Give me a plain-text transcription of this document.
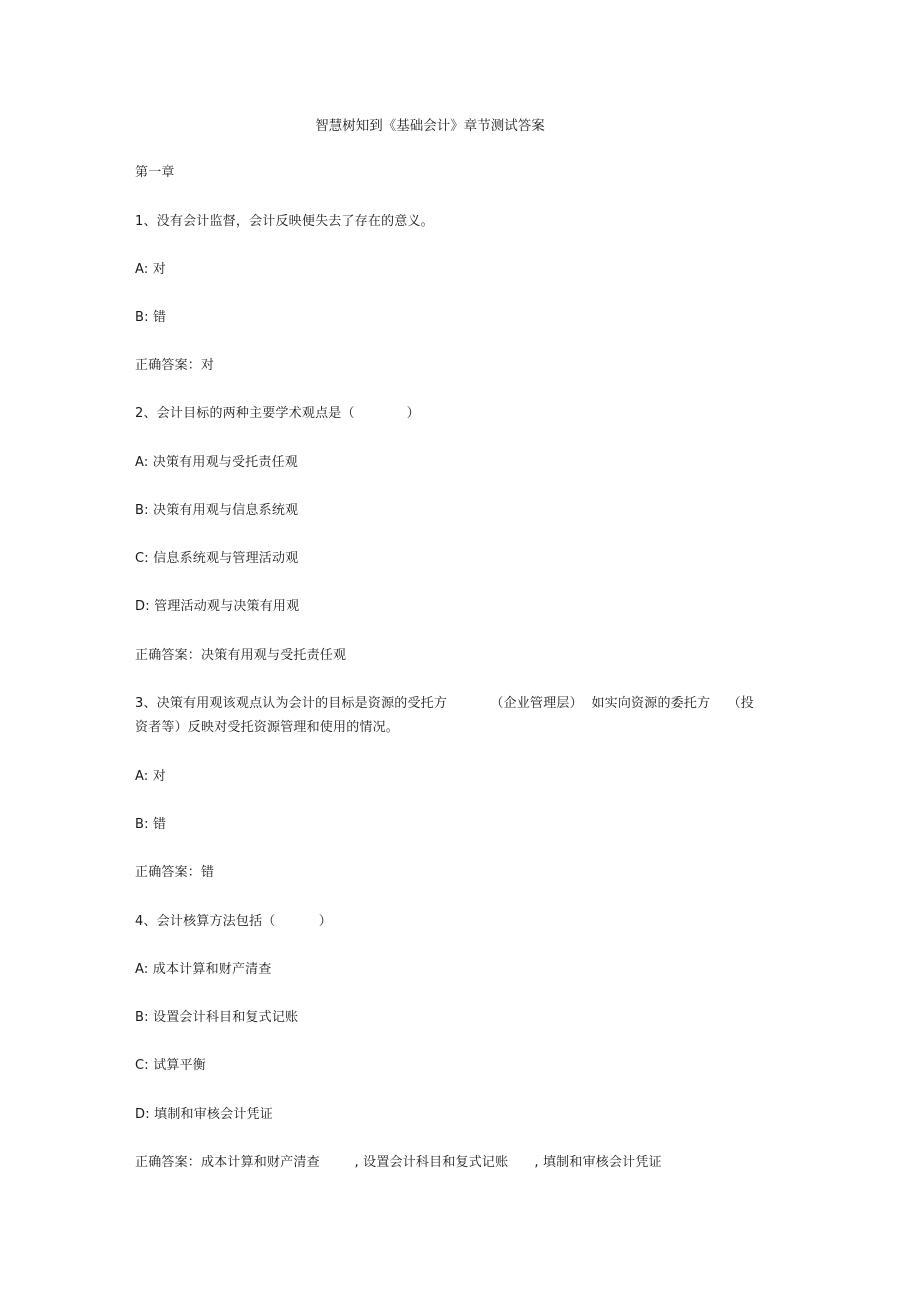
智慧树知到《基础会计》章节测试答案
第一章
1、没有会计监督，会计反映便失去了存在的意义。
A: 对
B: 错
正确答案：对
2、会计目标的两种主要学术观点是（            ）
A: 决策有用观与受托责任观
B: 决策有用观与信息系统观
C: 信息系统观与管理活动观
D: 管理活动观与决策有用观
正确答案：决策有用观与受托责任观
3、决策有用观该观点认为会计的目标是资源的受托方          （企业管理层）  如实向资源的委托方    （投
资者等）反映对受托资源管理和使用的情况。
A: 对
B: 错
正确答案：错
4、会计核算方法包括（          ）
A: 成本计算和财产清查
B: 设置会计科目和复式记账
C: 试算平衡
D: 填制和审核会计凭证
正确答案：成本计算和财产清查        , 设置会计科目和复式记账      , 填制和审核会计凭证
